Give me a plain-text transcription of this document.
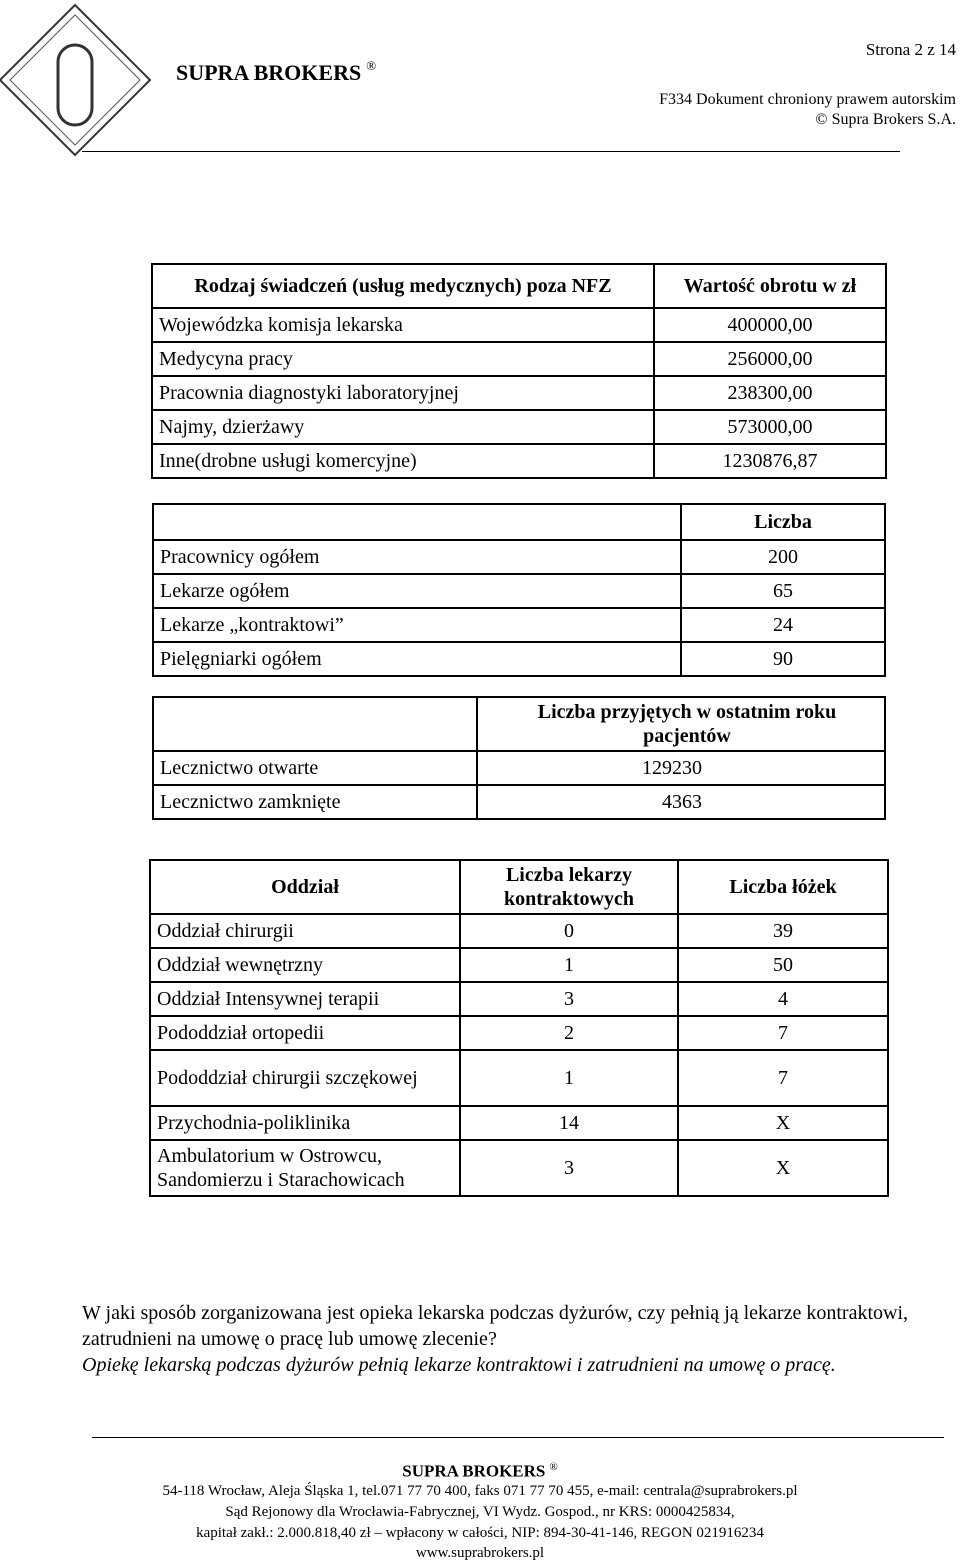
SUPRA BROKERS ®
Strona 2 z 14
F334 Dokument chroniony prawem autorskim
© Supra Brokers S.A.
Rodzaj świadczeń (usług medycznych) poza NFZ	Wartość obrotu w zł
Wojewódzka komisja lekarska	400000,00
Medycyna pracy	256000,00
Pracownia diagnostyki laboratoryjnej	238300,00
Najmy, dzierżawy	573000,00
Inne(drobne usługi komercyjne)	1230876,87
	Liczba
Pracownicy ogółem	200
Lekarze ogółem	65
Lekarze „kontraktowi”	24
Pielęgniarki ogółem	90
	Liczba przyjętych w ostatnim roku pacjentów
Lecznictwo otwarte	129230
Lecznictwo zamknięte	4363
Oddział	Liczba lekarzy kontraktowych	Liczba łóżek
Oddział chirurgii	0	39
Oddział wewnętrzny	1	50
Oddział Intensywnej terapii	3	4
Pododdział ortopedii	2	7
Pododdział chirurgii szczękowej	1	7
Przychodnia-poliklinika	14	X
Ambulatorium w Ostrowcu, Sandomierzu i Starachowicach	3	X
W jaki sposób zorganizowana jest opieka lekarska podczas dyżurów, czy pełnią ją lekarze kontraktowi, zatrudnieni na umowę o pracę lub umowę zlecenie?
Opiekę lekarską podczas dyżurów pełnią lekarze kontraktowi i zatrudnieni na umowę o pracę.
SUPRA BROKERS ®
54-118 Wrocław, Aleja Śląska 1, tel.071 77 70 400, faks 071 77 70 455, e-mail: centrala@suprabrokers.pl
Sąd Rejonowy dla Wrocławia-Fabrycznej, VI Wydz. Gospod., nr KRS: 0000425834,
kapitał zakł.: 2.000.818,40 zł – wpłacony w całości, NIP: 894-30-41-146, REGON 021916234
www.suprabrokers.pl
